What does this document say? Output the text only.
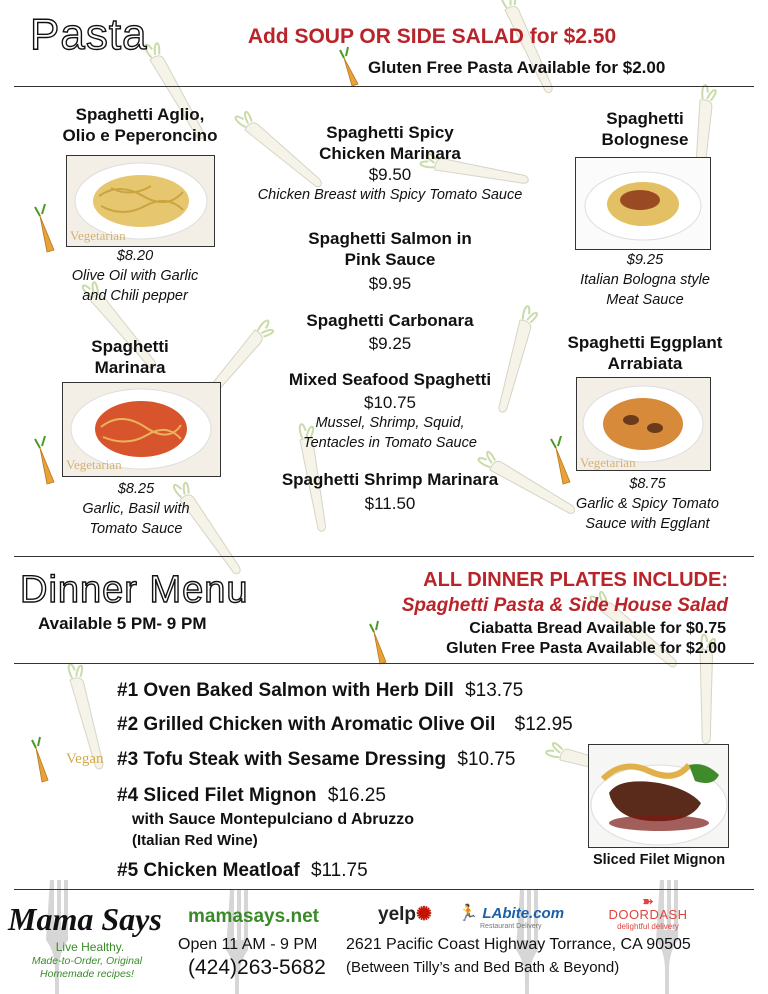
Pasta	Add SOUP OR SIDE SALAD for $2.50
Gluten Free Pasta Available for $2.00
Spaghetti Aglio,
Olio e Peperoncino
Vegetarian
$8.20
Olive Oil with Garlic
and Chili pepper
Spaghetti
Marinara
Vegetarian
$8.25
Garlic, Basil with
Tomato Sauce
Spaghetti Spicy
Chicken Marinara
$9.50
Chicken Breast with Spicy Tomato Sauce
Spaghetti Salmon in
Pink Sauce
$9.95
Spaghetti Carbonara
$9.25
Mixed Seafood Spaghetti
$10.75
Mussel, Shrimp, Squid,
Tentacles in Tomato Sauce
Spaghetti Shrimp Marinara
$11.50
Spaghetti
Bolognese
$9.25
Italian Bologna style
Meat Sauce
Spaghetti Eggplant
Arrabiata
Vegetarian
$8.75
Garlic & Spicy Tomato
Sauce with Egglant
Dinner Menu
Available 5 PM- 9 PM
ALL DINNER PLATES INCLUDE:
Spaghetti Pasta & Side House Salad
Ciabatta Bread Available for $0.75
Gluten Free Pasta Available for $2.00
#1 Oven Baked Salmon with Herb Dill $13.75
#2 Grilled Chicken with Aromatic Olive Oil $12.95
Vegan #3 Tofu Steak with Sesame Dressing $10.75
#4 Sliced Filet Mignon $16.25
with Sauce Montepulciano d Abruzzo
(Italian Red Wine)
#5 Chicken Meatloaf $11.75	Sliced Filet Mignon
Mama Says
Live Healthy.
Made-to-Order, Original
Homemade recipes!
mamasays.net	yelp✺ 🏃 LAbite.com
Restaurant Delivery
➽
DOORDASH
delightful delivery
Open 11 AM - 9 PM 2621 Pacific Coast Highway Torrance, CA 90505
(424)263-5682 (Between Tilly’s and Bed Bath & Beyond)
